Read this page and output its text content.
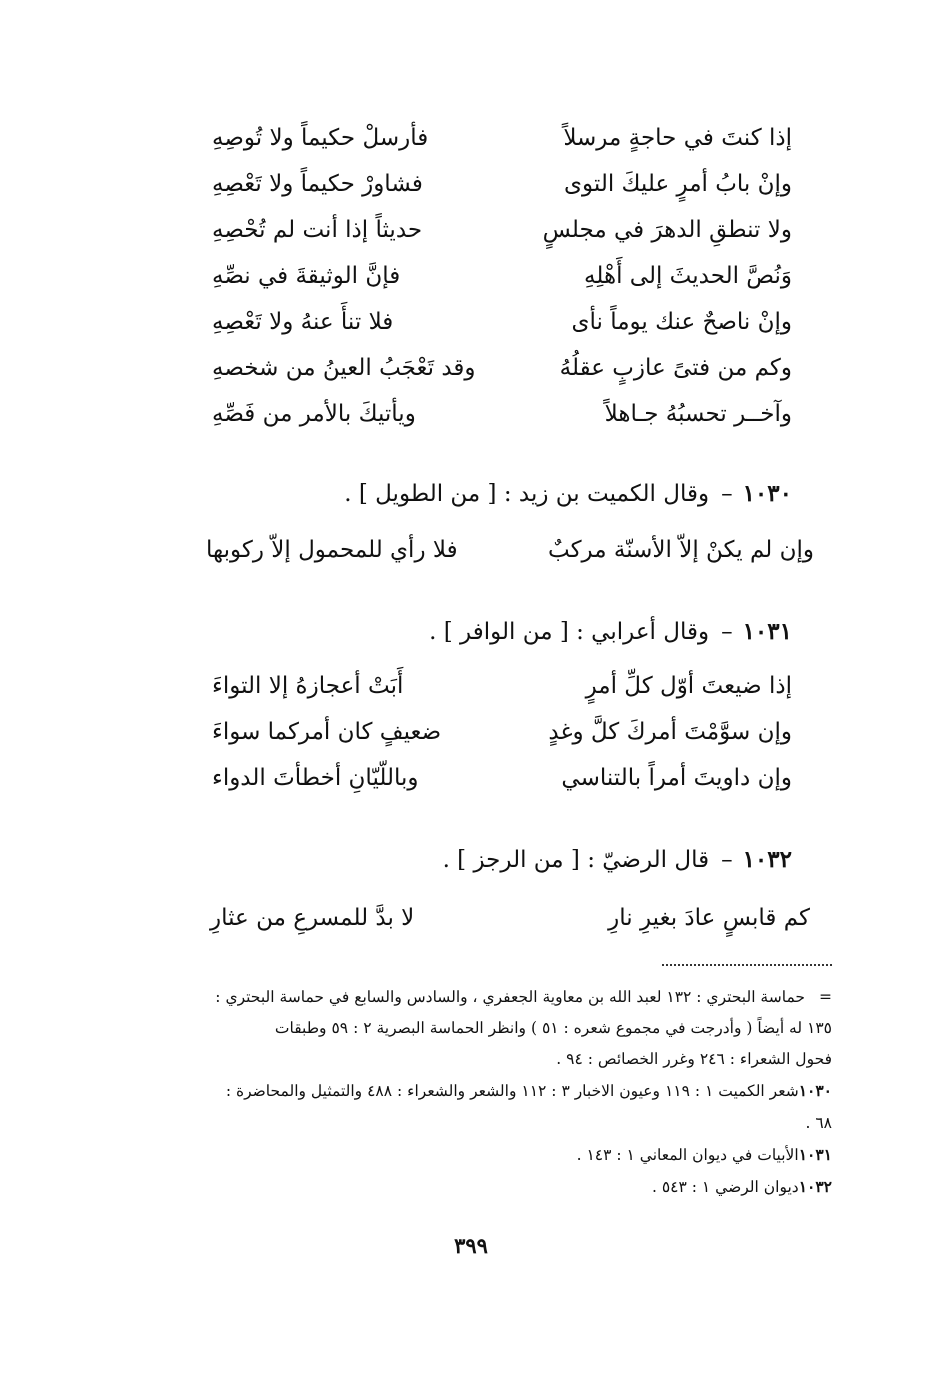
إذا كنتَ في حاجةٍ مرسلاً
فأرسلْ حكيماً ولا تُوصِهِ
وإنْ بابُ أمرٍ عليكَ التوى
فشاورْ حكيماً ولا تَعْصِهِ
ولا تنطقِ الدهرَ في مجلسٍ
حديثاً إذا أنت لم تُحْصِهِ
وَنُصَّ الحديثَ إلى أَهْلِهِ
فإنَّ الوثيقةَ في نصِّهِ
وإنْ ناصحٌ عنك يوماً نأى
فلا تنأَ عنهُ ولا تَعْصِهِ
وكم من فتىً عازبٍ عقلُهُ
وقد تَعْجَبُ العينُ من شخصهِ
وآخــر تحسبُهُ جـاهلاً
ويأتيكَ بالأمر من فَصِّهِ
١٠٣٠–وقال الكميت بن زيد : [ من الطويل ] .
وإن لم يكنْ إلاّ الأسنّة مركبٌ
فلا رأي للمحمول إلاّ ركوبها
١٠٣١–وقال أعرابي : [ من الوافر ] .
إذا ضيعتَ أوّل كلِّ أمرٍ
أَبَتْ أعجازهُ إلا التواءَ
وإن سوَّمْتَ أمركَ كلَّ وغدٍ
ضعيفٍ كان أمركما سواءَ
وإن داويتَ أمراً بالتناسي
وباللّيّانِ أخطأتَ الدواء
١٠٣٢–قال الرضيّ : [ من الرجز ] .
كم قابسٍ عادَ بغيرِ نارِ
لا بدَّ للمسرعِ من عثارِ
=حماسة البحتري : ١٣٢ لعبد الله بن معاوية الجعفري ، والسادس والسابع في حماسة البحتري :
١٣٥ له أيضاً ( وأدرجت في مجموع شعره : ٥١ ) وانظر الحماسة البصرية ٢ : ٥٩ وطبقات
فحول الشعراء : ٢٤٦ وغرر الخصائص : ٩٤ .
١٠٣٠شعر الكميت ١ : ١١٩ وعيون الاخبار ٣ : ١١٢ والشعر والشعراء : ٤٨٨ والتمثيل والمحاضرة :
٦٨ .
١٠٣١الأبيات في ديوان المعاني ١ : ١٤٣ .
١٠٣٢ديوان الرضي ١ : ٥٤٣ .
٣٩٩
